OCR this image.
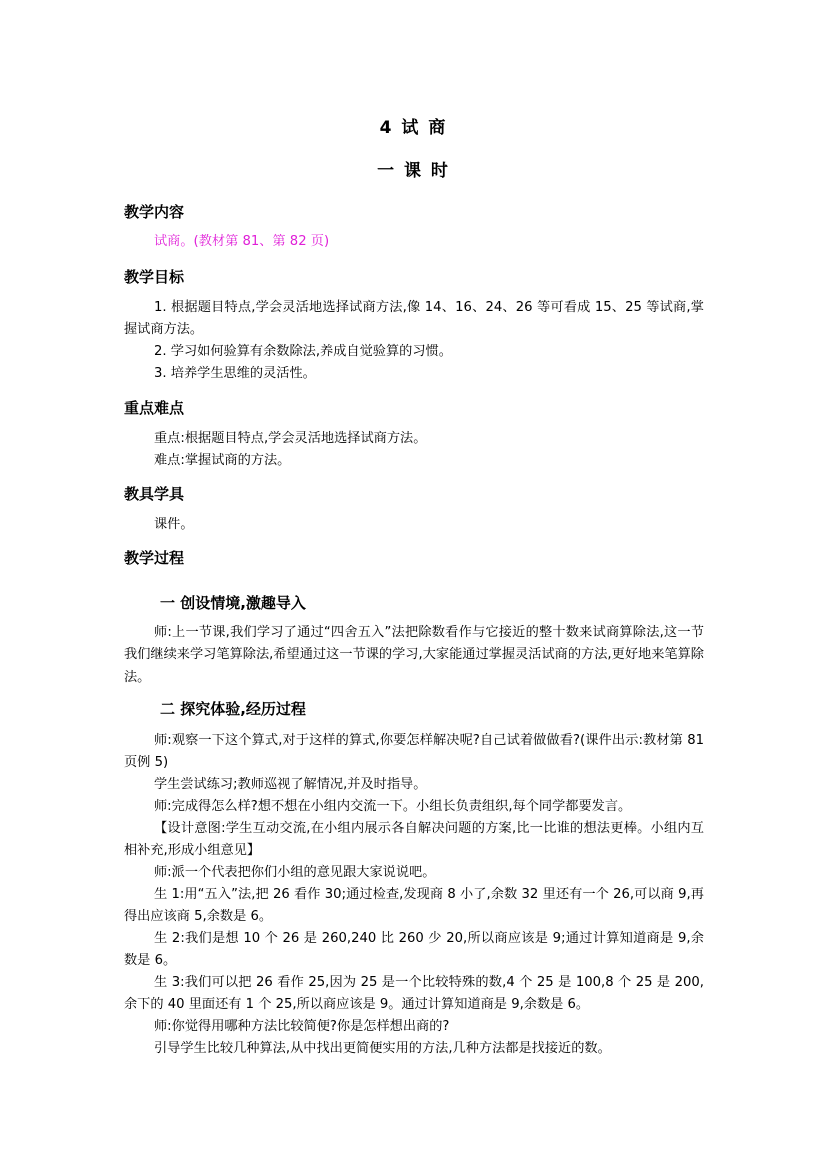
4 试 商
一 课 时
教学内容
试商。(教材第 81、第 82 页)
教学目标
1. 根据题目特点,学会灵活地选择试商方法,像 14、16、24、26 等可看成 15、25 等试商,掌握试商方法。
2. 学习如何验算有余数除法,养成自觉验算的习惯。
3. 培养学生思维的灵活性。
重点难点
重点:根据题目特点,学会灵活地选择试商方法。
难点:掌握试商的方法。
教具学具
课件。
教学过程
一 创设情境,激趣导入
师:上一节课,我们学习了通过“四舍五入”法把除数看作与它接近的整十数来试商算除法,这一节我们继续来学习笔算除法,希望通过这一节课的学习,大家能通过掌握灵活试商的方法,更好地来笔算除法。
二 探究体验,经历过程
师:观察一下这个算式,对于这样的算式,你要怎样解决呢?自己试着做做看?(课件出示:教材第 81 页例 5)
学生尝试练习;教师巡视了解情况,并及时指导。
师:完成得怎么样?想不想在小组内交流一下。小组长负责组织,每个同学都要发言。
【设计意图:学生互动交流,在小组内展示各自解决问题的方案,比一比谁的想法更棒。小组内互相补充,形成小组意见】
师:派一个代表把你们小组的意见跟大家说说吧。
生 1:用“五入”法,把 26 看作 30;通过检查,发现商 8 小了,余数 32 里还有一个 26,可以商 9,再得出应该商 5,余数是 6。
生 2:我们是想 10 个 26 是 260,240 比 260 少 20,所以商应该是 9;通过计算知道商是 9,余数是 6。
生 3:我们可以把 26 看作 25,因为 25 是一个比较特殊的数,4 个 25 是 100,8 个 25 是 200,余下的 40 里面还有 1 个 25,所以商应该是 9。通过计算知道商是 9,余数是 6。
师:你觉得用哪种方法比较简便?你是怎样想出商的?
引导学生比较几种算法,从中找出更简便实用的方法,几种方法都是找接近的数。
